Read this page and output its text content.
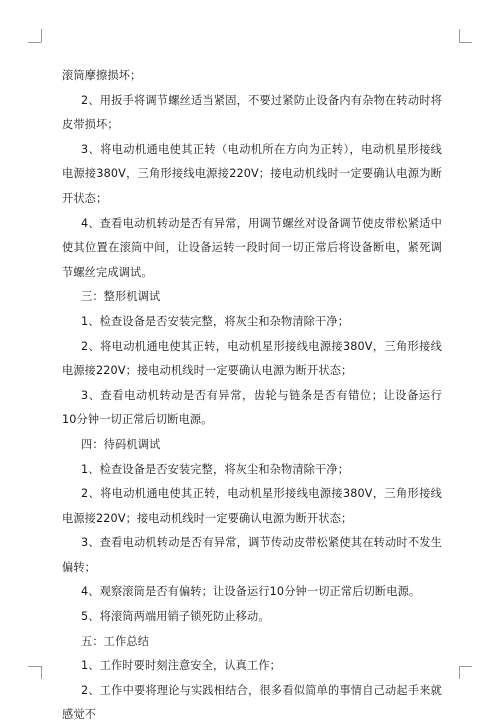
滚筒摩擦损坏；

2、用扳手将调节螺丝适当紧固，不要过紧防止设备内有杂物在转动时将皮带损坏；

3、将电动机通电使其正转（电动机所在方向为正转），电动机星形接线电源接380V，三角形接线电源接220V；接电动机线时一定要确认电源为断开状态；

4、查看电动机转动是否有异常，用调节螺丝对设备调节使皮带松紧适中使其位置在滚筒中间，让设备运转一段时间一切正常后将设备断电，紧死调节螺丝完成调试。

三：整形机调试

1、检查设备是否安装完整，将灰尘和杂物清除干净；

2、将电动机通电使其正转，电动机星形接线电源接380V，三角形接线电源接220V；接电动机线时一定要确认电源为断开状态；

3、查看电动机转动是否有异常，齿轮与链条是否有错位；让设备运行10分钟一切正常后切断电源。

四：待码机调试

1、检查设备是否安装完整，将灰尘和杂物清除干净；

2、将电动机通电使其正转，电动机星形接线电源接380V，三角形接线电源接220V；接电动机线时一定要确认电源为断开状态；

3、查看电动机转动是否有异常，调节传动皮带松紧使其在转动时不发生偏转；

4、观察滚筒是否有偏转；让设备运行10分钟一切正常后切断电源。

5、将滚筒两端用销子锁死防止移动。

五：工作总结

1、工作时要时刻注意安全，认真工作；

2、工作中要将理论与实践相结合，很多看似简单的事情自己动起手来就感觉不
